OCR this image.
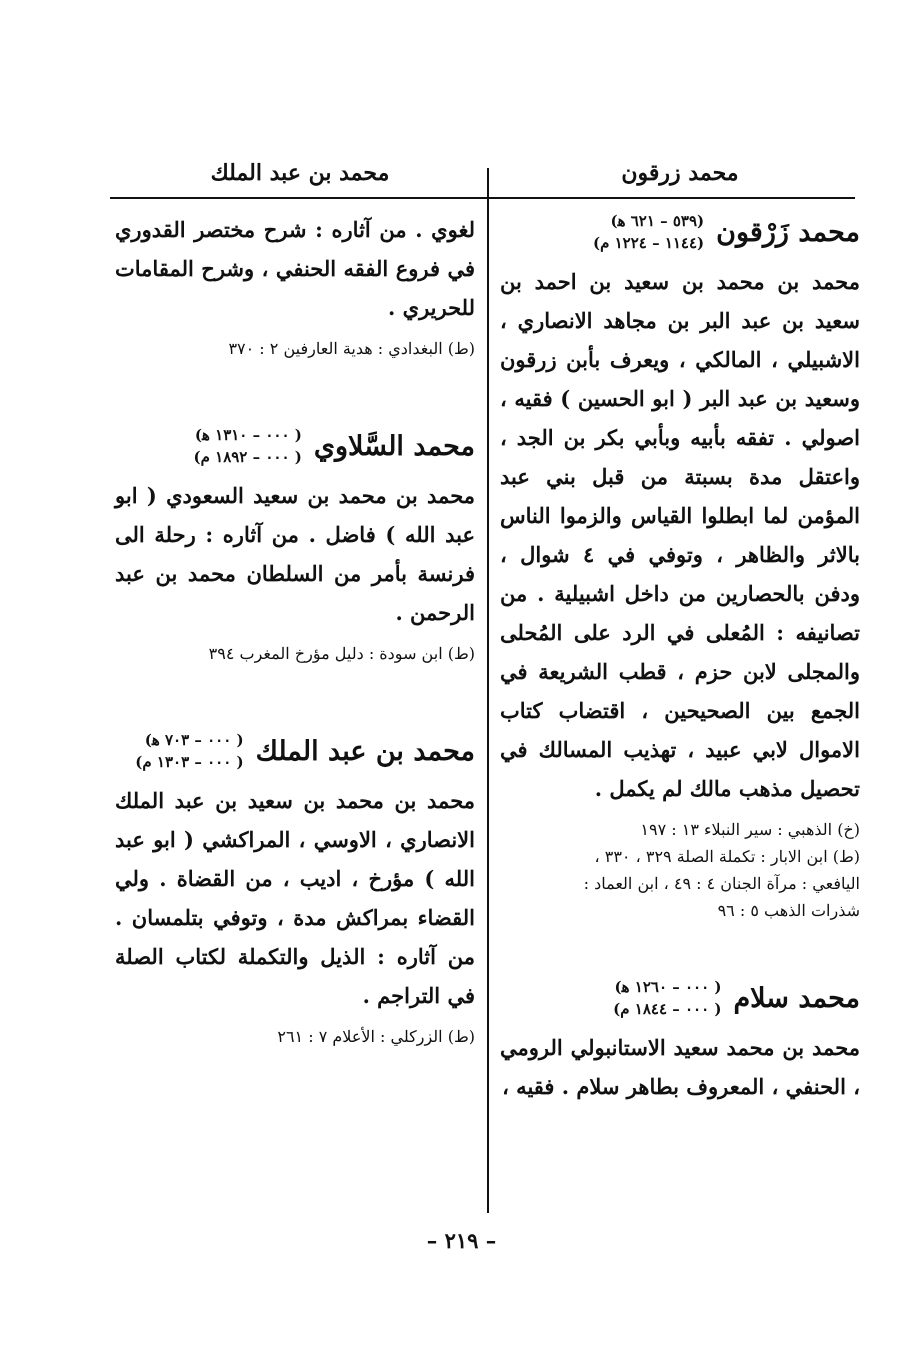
محمد زرقون
محمد بن عبد الملك
محمد زَرْقون
(٥٣٩ – ٦٢١ ﻫ)
(١١٤٤ – ١٢٢٤ م)
محمد بن محمد بن سعيد بن احمد بن سعيد بن عبد البر بن مجاهد الانصاري ، الاشبيلي ، المالكي ، ويعرف بأبن زرقون وسعيد بن عبد البر ( ابو الحسين ) فقيه ، اصولي . تفقه بأبيه وبأبي بكر بن الجد ، واعتقل مدة بسبتة من قبل بني عبد المؤمن لما ابطلوا القياس والزموا الناس بالاثر والظاهر ، وتوفي في ٤ شوال ، ودفن بالحصارين من داخل اشبيلية . من تصانيفه : المُعلى في الرد على المُحلى والمجلى لابن حزم ، قطب الشريعة في الجمع بين الصحيحين ، اقتضاب كتاب الاموال لابي عبيد ، تهذيب المسالك في تحصيل مذهب مالك لم يكمل .
(خ) الذهبي : سير النبلاء ١٣ : ١٩٧
(ط) ابن الابار : تكملة الصلة ٣٢٩ ، ٣٣٠ ،
اليافعي : مرآة الجنان ٤ : ٤٩ ، ابن العماد :
شذرات الذهب ٥ : ٩٦
محمد سلام
( ٠٠٠ – ١٢٦٠ ﻫ)
( ٠٠٠ – ١٨٤٤ م)
محمد بن محمد سعيد الاستانبولي الرومي ، الحنفي ، المعروف بطاهر سلام . فقيه ،
لغوي . من آثاره : شرح مختصر القدوري في فروع الفقه الحنفي ، وشرح المقامات للحريري .
(ط) البغدادي : هدية العارفين ٢ : ٣٧٠
محمد السَّلاوي
( ٠٠٠ – ١٣١٠ ﻫ)
( ٠٠٠ – ١٨٩٢ م)
محمد بن محمد بن سعيد السعودي ( ابو عبد الله ) فاضل . من آثاره : رحلة الى فرنسة بأمر من السلطان محمد بن عبد الرحمن .
(ط) ابن سودة : دليل مؤرخ المغرب ٣٩٤
محمد بن عبد الملك
( ٠٠٠ – ٧٠٣ ﻫ)
( ٠٠٠ – ١٣٠٣ م)
محمد بن محمد بن سعيد بن عبد الملك الانصاري ، الاوسي ، المراكشي ( ابو عبد الله ) مؤرخ ، اديب ، من القضاة . ولي القضاء بمراكش مدة ، وتوفي بتلمسان . من آثاره : الذيل والتكملة لكتاب الصلة في التراجم .
(ط) الزركلي : الأعلام ٧ : ٢٦١
– ٢١٩ –
